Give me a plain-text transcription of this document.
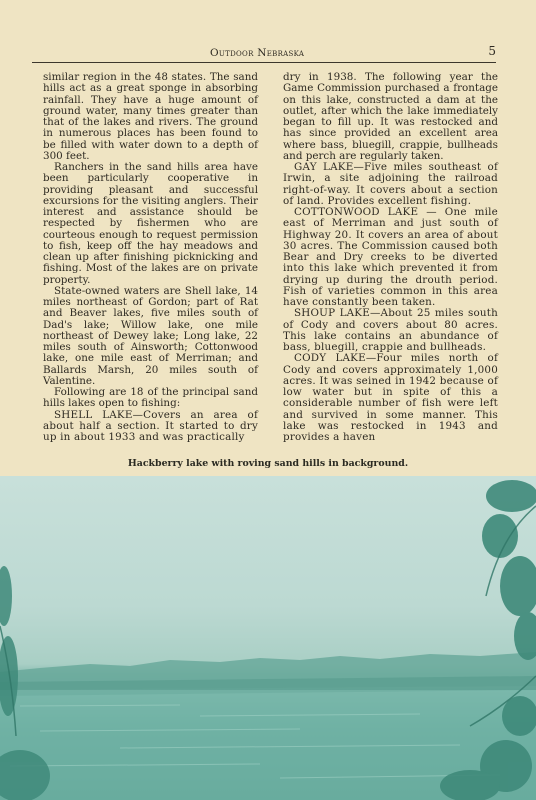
Outdoor Nebraska	5

similar region in the 48 states. The sand hills act as a great sponge in absorbing rainfall. They have a huge amount of ground water, many times greater than that of the lakes and rivers. The ground in numerous places has been found to be filled with water down to a depth of 300 feet.

Ranchers in the sand hills area have been particularly cooperative in providing pleasant and successful excursions for the visiting anglers. Their interest and assistance should be respected by fishermen who are courteous enough to request permission to fish, keep off the hay meadows and clean up after finishing picknicking and fishing. Most of the lakes are on private property.

State-owned waters are Shell lake, 14 miles northeast of Gordon; part of Rat and Beaver lakes, five miles south of Dad's lake; Willow lake, one mile northeast of Dewey lake; Long lake, 22 miles south of Ainsworth; Cottonwood lake, one mile east of Merriman; and Ballards Marsh, 20 miles south of Valentine.

Following are 18 of the principal sand hills lakes open to fishing:

SHELL LAKE—Covers an area of about half a section. It started to dry up in about 1933 and was practically

dry in 1938. The following year the Game Commission purchased a frontage on this lake, constructed a dam at the outlet, after which the lake immediately began to fill up. It was restocked and has since provided an excellent area where bass, bluegill, crappie, bullheads and perch are regularly taken.

GAY LAKE—Five miles southeast of Irwin, a site adjoining the railroad right-of-way. It covers about a section of land. Provides excellent fishing.

COTTONWOOD LAKE — One mile east of Merriman and just south of Highway 20. It covers an area of about 30 acres. The Commission caused both Bear and Dry creeks to be diverted into this lake which prevented it from drying up during the drouth period. Fish of varieties common in this area have constantly been taken.

SHOUP LAKE—About 25 miles south of Cody and covers about 80 acres. This lake contains an abundance of bass, bluegill, crappie and bullheads.

CODY LAKE—Four miles north of Cody and covers approximately 1,000 acres. It was seined in 1942 because of low water but in spite of this a considerable number of fish were left and survived in some manner. This lake was restocked in 1943 and provides a haven

Hackberry lake with roving sand hills in background.
